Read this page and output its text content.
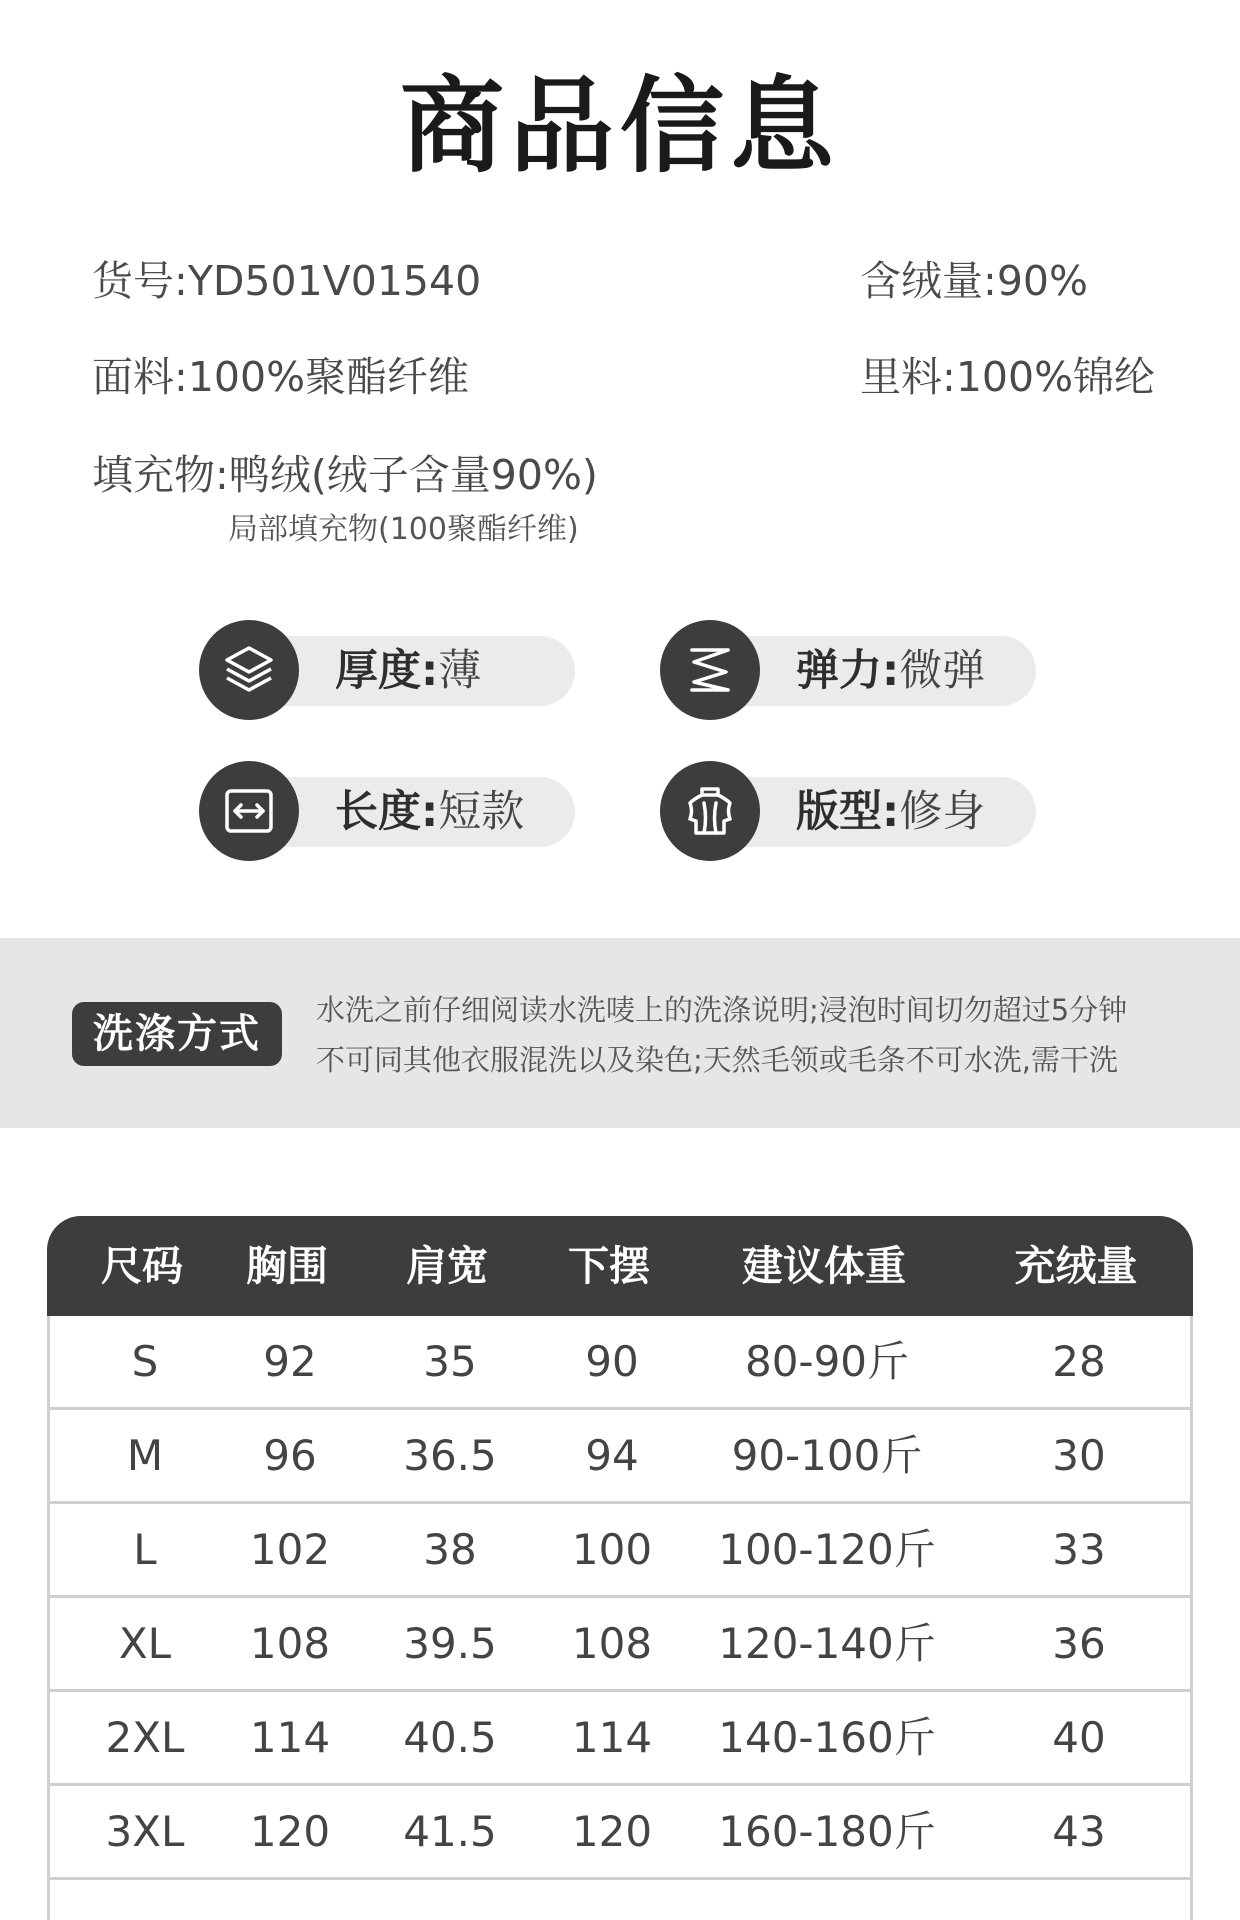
商品信息
货号:YD501V01540	含绒量:90%
面料:100%聚酯纤维	里料:100%锦纶
填充物:鸭绒(绒子含量90%)
局部填充物(100聚酯纤维)
厚度:薄	弹力:微弹
长度:短款	版型:修身
洗涤方式
水洗之前仔细阅读水洗唛上的洗涤说明;浸泡时间切勿超过5分钟
不可同其他衣服混洗以及染色;天然毛领或毛条不可水洗,需干洗
尺码	胸围	肩宽	下摆	建议体重	充绒量
S	92	35	90	80-90斤	28
M	96	36.5	94	90-100斤	30
L	102	38	100	100-120斤	33
XL	108	39.5	108	120-140斤	36
2XL	114	40.5	114	140-160斤	40
3XL	120	41.5	120	160-180斤	43
